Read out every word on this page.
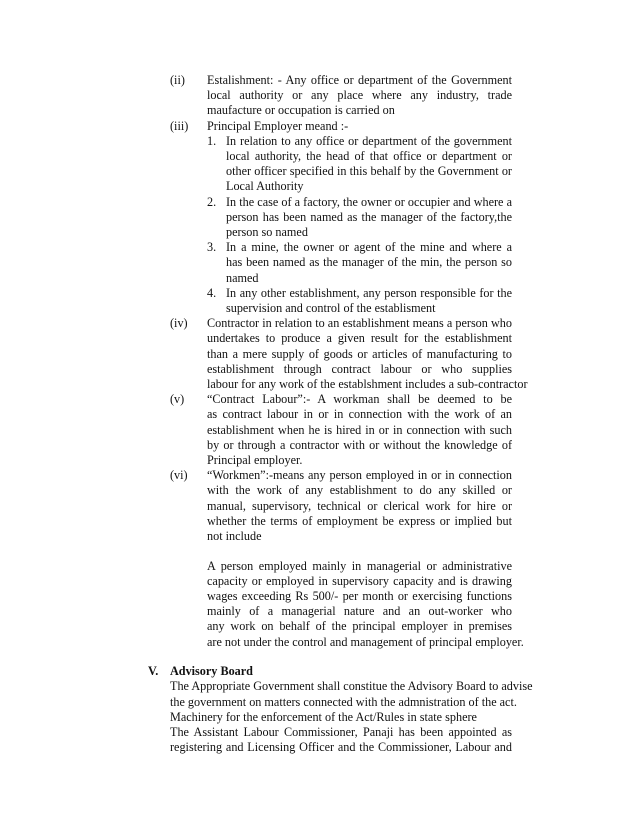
(ii) Estalishment: - Any office or department of the Government
local authority or any place where any industry, trade
maufacture or occupation is carried on
(iii) Principal Employer meand :-
1. In relation to any office or department of the government
local authority, the head of that office or department or
other officer specified in this behalf by the Government or
Local Authority
2. In the case of a factory, the owner or occupier and where a
person has been named as the manager of the factory,the
person so named
3. In a mine, the owner or agent of the mine and where a
has been named as the manager of the min, the person so
named
4. In any other establishment, any person responsible for the
supervision and control of the establisment
(iv) Contractor in relation to an establishment means a person who
undertakes to produce a given result for the establishment
than a mere supply of goods or articles of manufacturing to
establishment through contract labour or who supplies
labour for any work of the establshment includes a sub-contractor
(v) “Contract Labour”:- A workman shall be deemed to be
as contract labour in or in connection with the work of an
establishment when he is hired in or in connection with such
by or through a contractor with or without the knowledge of
Principal employer.
(vi) “Workmen”:-means any person employed in or in connection
with the work of any establishment to do any skilled or
manual, supervisory, technical or clerical work for hire or
whether the terms of employment be express or implied but
not include
A person employed mainly in managerial or administrative
capacity or employed in supervisory capacity and is drawing
wages exceeding Rs 500/- per month or exercising functions
mainly of a managerial nature and an out-worker who
any work on behalf of the principal employer in premises
are not under the control and management of principal employer.
V. Advisory Board
The Appropriate Government shall constitue the Advisory Board to advise
the government on matters connected with the admnistration of the act.
Machinery for the enforcement of the Act/Rules in state sphere
The Assistant Labour Commissioner, Panaji has been appointed as
registering and Licensing Officer and the Commissioner, Labour and
